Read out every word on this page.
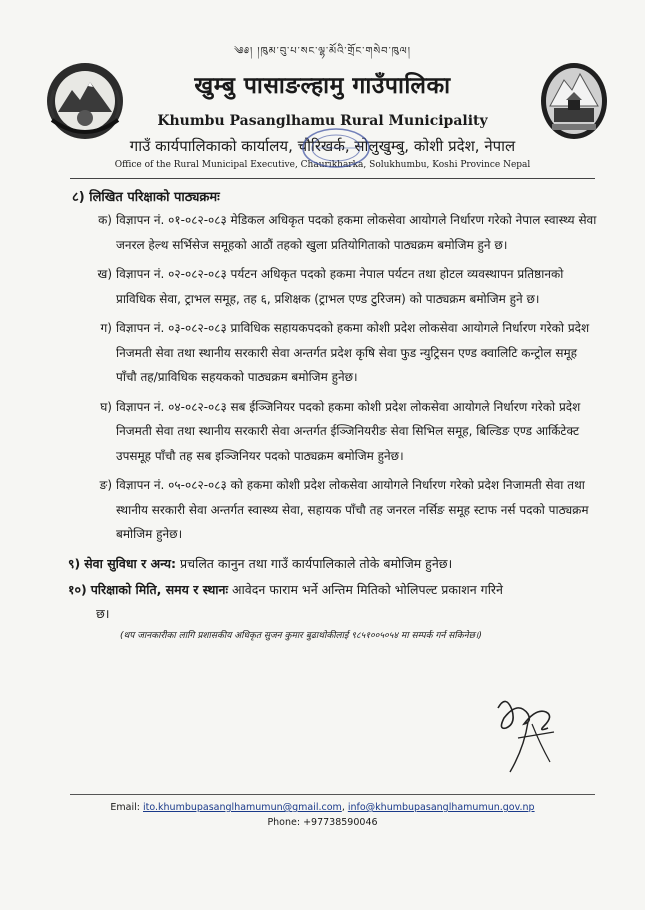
༄༅། །ཁུམ་བུ་པ་སང་ལྷ་མོའི་གྲོང་གསེབ་ཁུལ།
खुम्बु पासाङल्हामु गाउँपालिका
Khumbu Pasanglhamu Rural Municipality
गाउँ कार्यपालिकाको कार्यालय, चौरिखर्क, सोलुखुम्बु, कोशी प्रदेश, नेपाल
Office of the Rural Municipal Executive, Chaurikharka, Solukhumbu, Koshi Province Nepal
८) लिखित परिक्षाको पाठ्यक्रमः
क) विज्ञापन नं. ०१-०८२-०८३ मेडिकल अधिकृत पदको हकमा लोकसेवा आयोगले निर्धारण गरेको नेपाल स्वास्थ्य सेवा जनरल हेल्थ सर्भिसेज समूहको आठौं तहको खुला प्रतियोगिताको पाठ्यक्रम बमोजिम हुने छ।
ख) विज्ञापन नं. ०२-०८२-०८३ पर्यटन अधिकृत पदको हकमा नेपाल पर्यटन तथा होटल व्यवस्थापन प्रतिष्ठानको प्राविधिक सेवा, ट्राभल समूह, तह ६, प्रशिक्षक (ट्राभल एण्ड टुरिजम) को पाठ्यक्रम बमोजिम हुने छ।
ग) विज्ञापन नं. ०३-०८२-०८३ प्राविधिक सहायकपदको हकमा कोशी प्रदेश लोकसेवा आयोगले निर्धारण गरेको प्रदेश निजमती सेवा तथा स्थानीय सरकारी सेवा अन्तर्गत प्रदेश कृषि सेवा फुड न्युट्रिसन एण्ड क्वालिटि कन्ट्रोल समूह पाँचौ तह/प्राविधिक सहयकको पाठ्यक्रम बमोजिम हुनेछ।
घ) विज्ञापन नं. ०४-०८२-०८३ सब ईञ्जिनियर पदको हकमा कोशी प्रदेश लोकसेवा आयोगले निर्धारण गरेको प्रदेश निजमती सेवा तथा स्थानीय सरकारी सेवा अन्तर्गत ईञ्जिनियरीङ सेवा सिभिल समूह, बिल्डिङ एण्ड आर्किटेक्ट उपसमूह पाँचौ तह सब इञ्जिनियर पदको पाठ्यक्रम बमोजिम हुनेछ।
ङ) विज्ञापन नं. ०५-०८२-०८३ को हकमा कोशी प्रदेश लोकसेवा आयोगले निर्धारण गरेको प्रदेश निजामती सेवा तथा स्थानीय सरकारी सेवा अन्तर्गत स्वास्थ्य सेवा, सहायक पाँचौ तह जनरल नर्सिङ समूह स्टाफ नर्स पदको पाठ्यक्रम बमोजिम हुनेछ।
९) सेवा सुविधा र अन्य: प्रचलित कानुन तथा गाउँ कार्यपालिकाले तोके बमोजिम हुनेछ।
१०) परिक्षाको मिति, समय र स्थानः आवेदन फाराम भर्ने अन्तिम मितिको भोलिपल्ट प्रकाशन गरिने
छ।
(थप जानकारीका लागि प्रशासकीय अधिकृत सुजन कुमार बुढाथोकीलाई ९८५१००५०५४ मा सम्पर्क गर्न सकिनेछ।)
Email: ito.khumbupasanglhamumun@gmail.com, info@khumbupasanglhamumun.gov.np
Phone: +97738590046
